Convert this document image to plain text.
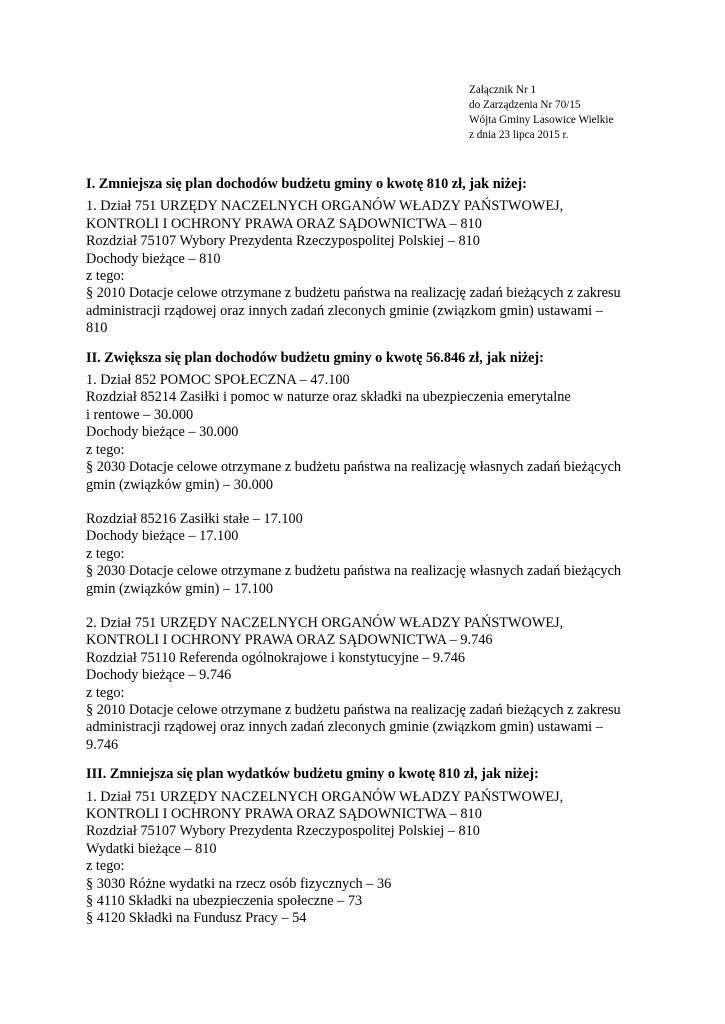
Załącznik Nr 1
do Zarządzenia Nr 70/15
Wójta Gminy Lasowice Wielkie
z dnia 23 lipca 2015 r.
I. Zmniejsza się plan dochodów budżetu gminy o kwotę 810 zł, jak niżej:
1. Dział 751 URZĘDY NACZELNYCH ORGANÓW WŁADZY PAŃSTWOWEJ,
KONTROLI I OCHRONY PRAWA ORAZ SĄDOWNICTWA – 810
Rozdział 75107 Wybory Prezydenta Rzeczypospolitej Polskiej – 810
Dochody bieżące – 810
z tego:
§ 2010 Dotacje celowe otrzymane z budżetu państwa na realizację zadań bieżących z zakresu
administracji rządowej oraz innych zadań zleconych gminie (związkom gmin) ustawami –
810
II. Zwiększa się plan dochodów budżetu gminy o kwotę 56.846 zł, jak niżej:
1. Dział 852 POMOC SPOŁECZNA – 47.100
Rozdział 85214 Zasiłki i pomoc w naturze oraz składki na ubezpieczenia emerytalne
i rentowe – 30.000
Dochody bieżące – 30.000
z tego:
§ 2030 Dotacje celowe otrzymane z budżetu państwa na realizację własnych zadań bieżących
gmin (związków gmin) – 30.000
Rozdział 85216 Zasiłki stałe – 17.100
Dochody bieżące – 17.100
z tego:
§ 2030 Dotacje celowe otrzymane z budżetu państwa na realizację własnych zadań bieżących
gmin (związków gmin) – 17.100
2. Dział 751 URZĘDY NACZELNYCH ORGANÓW WŁADZY PAŃSTWOWEJ,
KONTROLI I OCHRONY PRAWA ORAZ SĄDOWNICTWA – 9.746
Rozdział 75110 Referenda ogólnokrajowe i konstytucyjne – 9.746
Dochody bieżące – 9.746
z tego:
§ 2010 Dotacje celowe otrzymane z budżetu państwa na realizację zadań bieżących z zakresu
administracji rządowej oraz innych zadań zleconych gminie (związkom gmin) ustawami –
9.746
III. Zmniejsza się plan wydatków budżetu gminy o kwotę 810 zł, jak niżej:
1. Dział 751 URZĘDY NACZELNYCH ORGANÓW WŁADZY PAŃSTWOWEJ,
KONTROLI I OCHRONY PRAWA ORAZ SĄDOWNICTWA – 810
Rozdział 75107 Wybory Prezydenta Rzeczypospolitej Polskiej – 810
Wydatki bieżące – 810
z tego:
§ 3030 Różne wydatki na rzecz osób fizycznych – 36
§ 4110 Składki na ubezpieczenia społeczne – 73
§ 4120 Składki na Fundusz Pracy – 54
